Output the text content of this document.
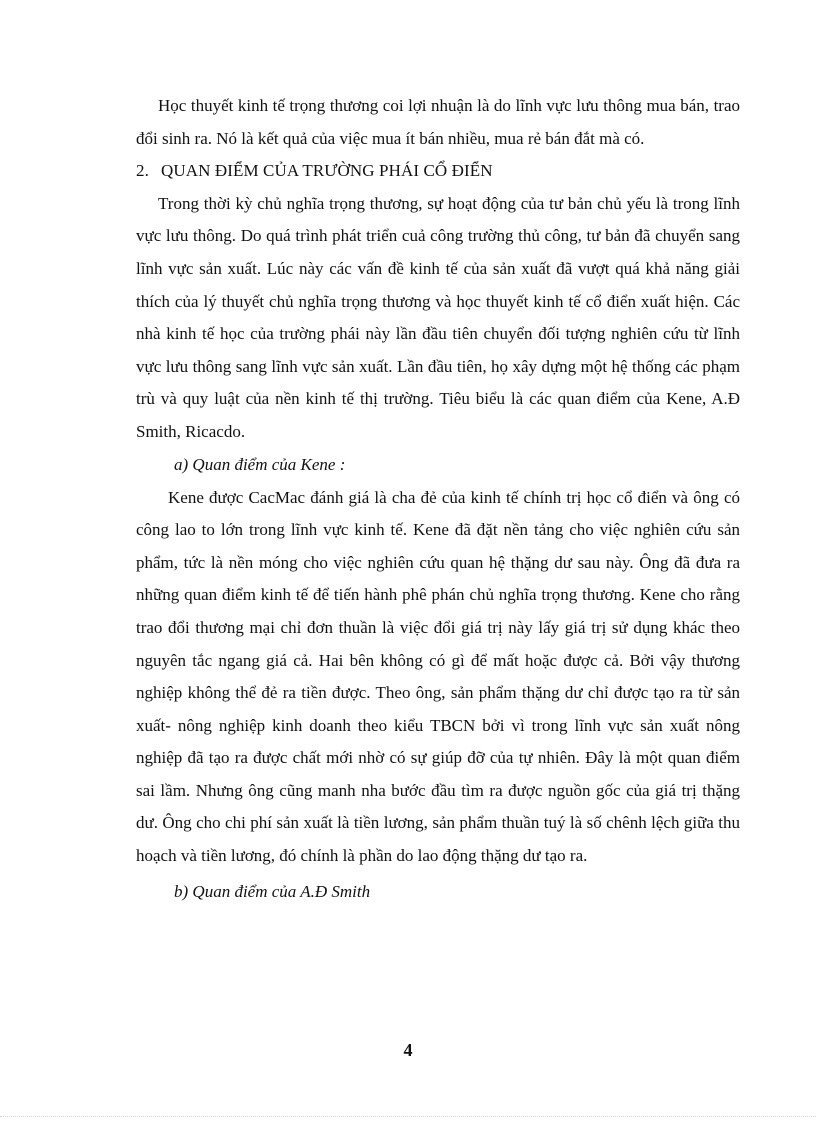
Học thuyết kinh tế trọng thương coi lợi nhuận là do lĩnh vực lưu thông mua bán, trao đổi sinh ra. Nó là kết quả của việc mua ít bán nhiều, mua rẻ bán đắt mà có.

2. QUAN ĐIỂM CỦA TRƯỜNG PHÁI CỔ ĐIỂN

Trong thời kỳ chủ nghĩa trọng thương, sự hoạt động của tư bản chủ yếu là trong lĩnh vực lưu thông. Do quá trình phát triển cuả công trường thủ công, tư bản đã chuyển sang lĩnh vực sản xuất. Lúc này các vấn đề kinh tế của sản xuất đã vượt quá khả năng giải thích của lý thuyết chủ nghĩa trọng thương và học thuyết kinh tế cổ điển xuất hiện. Các nhà kinh tế học của trường phái này lần đầu tiên chuyển đối tượng nghiên cứu từ lĩnh vực lưu thông sang lĩnh vực sản xuất. Lần đầu tiên, họ xây dựng một hệ thống các phạm trù và quy luật của nền kinh tế thị trường. Tiêu biểu là các quan điểm của Kene, A.Đ Smith, Ricacdo.

a) Quan điểm của Kene :

Kene được CacMac đánh giá là cha đẻ của kinh tế chính trị học cổ điển và ông có công lao to lớn trong lĩnh vực kinh tế. Kene đã đặt nền tảng cho việc nghiên cứu sản phẩm, tức là nền móng cho việc nghiên cứu quan hệ thặng dư sau này. Ông đã đưa ra những quan điểm kinh tế để tiến hành phê phán chủ nghĩa trọng thương. Kene cho rằng trao đổi thương mại chỉ đơn thuần là việc đổi giá trị này lấy giá trị sử dụng khác theo nguyên tắc ngang giá cả. Hai bên không có gì để mất hoặc được cả. Bởi vậy thương nghiệp không thể đẻ ra tiền được. Theo ông, sản phẩm thặng dư chỉ được tạo ra từ sản xuất- nông nghiệp kinh doanh theo kiểu TBCN bởi vì trong lĩnh vực sản xuất nông nghiệp đã tạo ra được chất mới nhờ có sự giúp đỡ của tự nhiên. Đây là một quan điểm sai lầm. Nhưng ông cũng manh nha bước đầu tìm ra được nguồn gốc của giá trị thặng dư. Ông cho chi phí sản xuất là tiền lương, sản phẩm thuần tuý là số chênh lệch giữa thu hoạch và tiền lương, đó chính là phần do lao động thặng dư tạo ra.

b) Quan điểm của A.Đ Smith

4
